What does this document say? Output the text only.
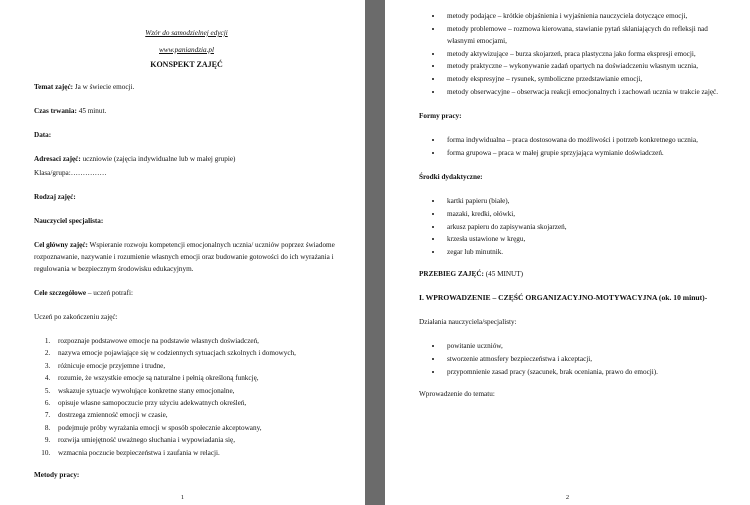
Wzór do samodzielnej edycji

www.paniandzia.pl

KONSPEKT ZAJĘĆ

Temat zajęć: Ja w świecie emocji.

Czas trwania: 45 minut.

Data:

Adresaci zajęć: uczniowie (zajęcia indywidualne lub w małej grupie)

Klasa/grupa:……………

Rodzaj zajęć:

Nauczyciel specjalista:

Cel główny zajęć: Wspieranie rozwoju kompetencji emocjonalnych ucznia/ uczniów poprzez świadome rozpoznawanie, nazywanie i rozumienie własnych emocji oraz budowanie gotowości do ich wyrażania i regulowania w bezpiecznym środowisku edukacyjnym.

Cele szczegółowe – uczeń potrafi:

Uczeń po zakończeniu zajęć:

1. rozpoznaje podstawowe emocje na podstawie własnych doświadczeń,
2. nazywa emocje pojawiające się w codziennych sytuacjach szkolnych i domowych,
3. różnicuje emocje przyjemne i trudne,
4. rozumie, że wszystkie emocje są naturalne i pełnią określoną funkcję,
5. wskazuje sytuacje wywołujące konkretne stany emocjonalne,
6. opisuje własne samopoczucie przy użyciu adekwatnych określeń,
7. dostrzega zmienność emocji w czasie,
8. podejmuje próby wyrażania emocji w sposób społecznie akceptowany,
9. rozwija umiejętność uważnego słuchania i wypowiadania się,
10. wzmacnia poczucie bezpieczeństwa i zaufania w relacji.

Metody pracy:

1
• metody podające – krótkie objaśnienia i wyjaśnienia nauczyciela dotyczące emocji,
• metody problemowe – rozmowa kierowana, stawianie pytań skłaniających do refleksji nad własnymi emocjami,
• metody aktywizujące – burza skojarzeń, praca plastyczna jako forma ekspresji emocji,
• metody praktyczne – wykonywanie zadań opartych na doświadczeniu własnym ucznia,
• metody ekspresyjne – rysunek, symboliczne przedstawianie emocji,
• metody obserwacyjne – obserwacja reakcji emocjonalnych i zachowań ucznia w trakcie zajęć.

Formy pracy:

• forma indywidualna – praca dostosowana do możliwości i potrzeb konkretnego ucznia,
• forma grupowa – praca w małej grupie sprzyjająca wymianie doświadczeń.

Środki dydaktyczne:

• kartki papieru (białe),
• mazaki, kredki, ołówki,
• arkusz papieru do zapisywania skojarzeń,
• krzesła ustawione w kręgu,
• zegar lub minutnik.

PRZEBIEG ZAJĘĆ: (45 MINUT)

I. WPROWADZENIE – CZĘŚĆ ORGANIZACYJNO-MOTYWACYJNA (ok. 10 minut)-

Działania nauczyciela/specjalisty:

• powitanie uczniów,
• stworzenie atmosfery bezpieczeństwa i akceptacji,
• przypomnienie zasad pracy (szacunek, brak oceniania, prawo do emocji).

Wprowadzenie do tematu:

2
